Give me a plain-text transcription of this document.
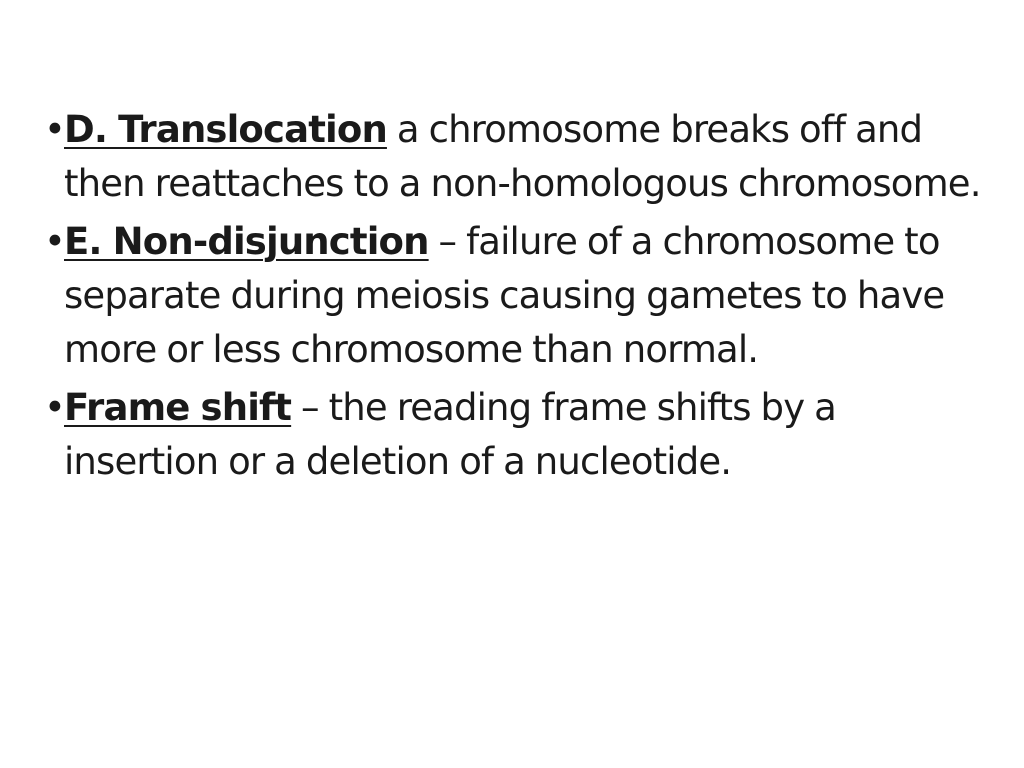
• D. Translocation a chromosome breaks off and then reattaches to a non-homologous chromosome.
• E. Non-disjunction – failure of a chromosome to separate during meiosis causing gametes to have more or less chromosome than normal.
• Frame shift – the reading frame shifts by a insertion or a deletion of a nucleotide.
